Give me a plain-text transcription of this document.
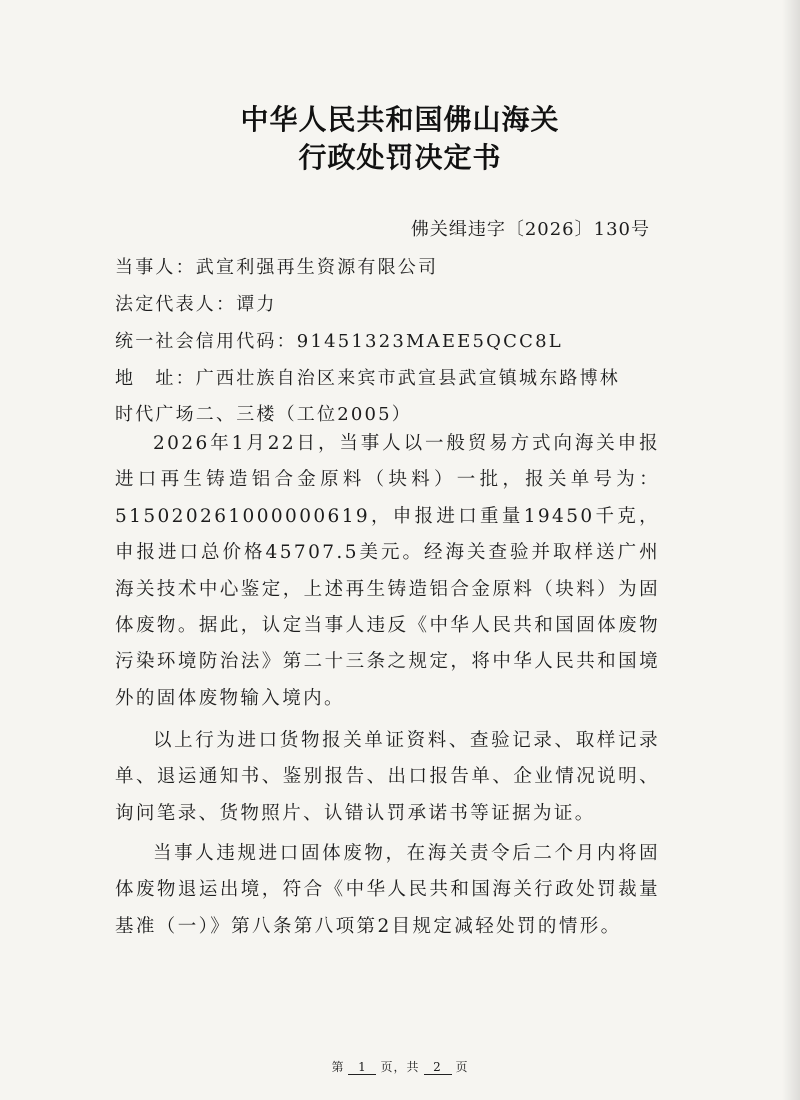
中华人民共和国佛山海关
行政处罚决定书
佛关缉违字〔2026〕130号
当事人：武宣利强再生资源有限公司
法定代表人：谭力
统一社会信用代码：91451323MAEE5QCC8L
地　址：广西壮族自治区来宾市武宣县武宣镇城东路博林
时代广场二、三楼（工位2005）
2026年1月22日，当事人以一般贸易方式向海关申报进口再生铸造铝合金原料（块料）一批，报关单号为：515020261000000619，申报进口重量19450千克，申报进口总价格45707.5美元。经海关查验并取样送广州海关技术中心鉴定，上述再生铸造铝合金原料（块料）为固体废物。据此，认定当事人违反《中华人民共和国固体废物污染环境防治法》第二十三条之规定，将中华人民共和国境外的固体废物输入境内。
以上行为进口货物报关单证资料、查验记录、取样记录单、退运通知书、鉴别报告、出口报告单、企业情况说明、询问笔录、货物照片、认错认罚承诺书等证据为证。
当事人违规进口固体废物，在海关责令后二个月内将固体废物退运出境，符合《中华人民共和国海关行政处罚裁量基准（一）》第八条第八项第2目规定减轻处罚的情形。
第 1 页，共 2 页
